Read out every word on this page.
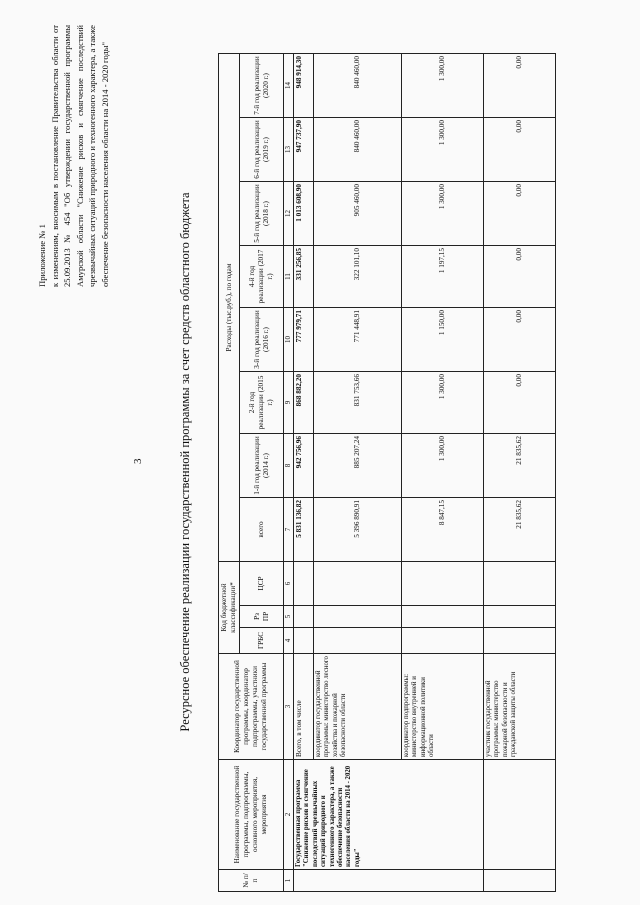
3
Приложение № 1 к изменениям, вносимым в постановление Правительства области от 25.09.2013 № 454 "Об утверждении государственной программы Амурской области "Снижение рисков и смягчение последствий чрезвычайных ситуаций природного и техногенного характера, а также обеспечение безопасности населения области на 2014 - 2020 годы"
Ресурсное обеспечение реализации государственной программы за счет средств областного бюджета
№ п/п	Наименование государственной программы, подпрограммы, основного мероприятия, мероприятия	Координатор государственной программы, координатор подпрограммы, участники государственной программы	Код бюджетной классификации*			Расходы (тыс.руб.), по годам							
			ГРБС	Рз ПР	ЦСР	всего	1-й год реализации (2014 г.)	2-й год реализации (2015 г.)	3-й год реализации (2016 г.)	4-й год реализации (2017 г.)	5-й год реализации (2018 г.)	6-й год реализации (2019 г.)	7-й год реализации (2020 г.)
1	2	3	4	5	6	7	8	9	10	11	12	13	14
	Государственная программа "Снижение рисков и смягчение последствий чрезвычайных ситуаций природного и техногенного характера, а также обеспечение безопасности населения области на 2014 - 2020 годы"	Всего, в том числе				5 831 136,82	942 756,96	868 882,20	777 979,71	331 256,85	1 013 608,90	947 737,90	948 914,30
		координатор государственной программы: министерство лесного хозяйства и пожарной безопасности области				5 396 890,91	885 207,24	831 753,66	771 448,91	322 101,10	905 460,00	840 460,00	840 460,00
		координатор подпрограммы: министерство внутренней и информационной политики области				8 847,15	1 300,00	1 300,00	1 150,00	1 197,15	1 300,00	1 300,00	1 300,00
		участник государственной программы: министерство пожарной безопасности и гражданской защиты области				21 835,62	21 835,62	0,00	0,00	0,00	0,00	0,00	0,00
